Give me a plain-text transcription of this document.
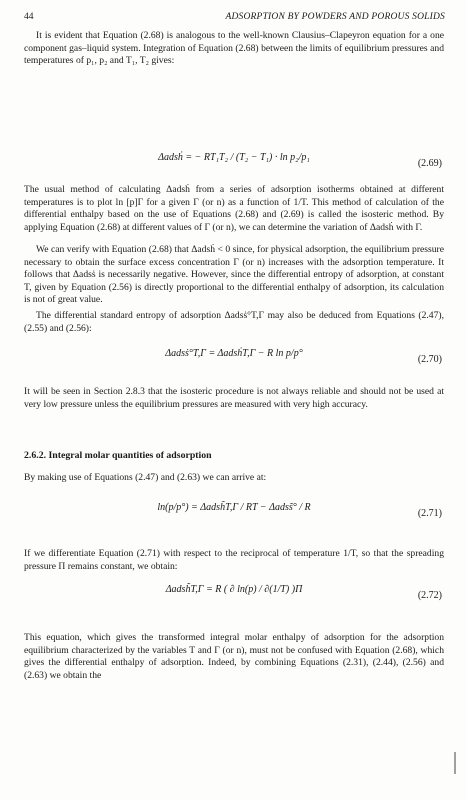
44	ADSORPTION BY POWDERS AND POROUS SOLIDS

It is evident that Equation (2.68) is analogous to the well-known Clausius–Clapeyron equation for a one component gas–liquid system. Integration of Equation (2.68) between the limits of equilibrium pressures and temperatures of p₁, p₂ and T₁, T₂ gives:

Δadsḣ = − RT₁T₂ / (T₂ − T₁) · ln p₂/p₁
(2.69)

The usual method of calculating Δadsḣ from a series of adsorption isotherms obtained at different temperatures is to plot ln [p]Γ for a given Γ (or n) as a function of 1/T. This method of calculation of the differential enthalpy based on the use of Equations (2.68) and (2.69) is called the isosteric method. By applying Equation (2.68) at different values of Γ (or n), we can determine the variation of Δadsḣ with Γ.

We can verify with Equation (2.68) that Δadsḣ < 0 since, for physical adsorption, the equilibrium pressure necessary to obtain the surface excess concentration Γ (or n) increases with the adsorption temperature. It follows that Δadsṡ is necessarily negative. However, since the differential entropy of adsorption, at constant T, given by Equation (2.56) is directly proportional to the differential enthalpy of adsorption, its calculation is not of great value.

The differential standard entropy of adsorption Δadsṡ°T,Γ may also be deduced from Equations (2.47), (2.55) and (2.56):

Δadsṡ°T,Γ = ΔadsḣT,Γ − R ln p/p°
(2.70)

It will be seen in Section 2.8.3 that the isosteric procedure is not always reliable and should not be used at very low pressure unless the equilibrium pressures are measured with very high accuracy.

2.6.2. Integral molar quantities of adsorption

By making use of Equations (2.47) and (2.63) we can arrive at:

ln(p/p°) = Δadsh̃T,Γ / RT − Δadss̃° / R
(2.71)

If we differentiate Equation (2.71) with respect to the reciprocal of temperature 1/T, so that the spreading pressure Π remains constant, we obtain:

Δadsh̃T,Γ = R ( ∂ ln(p) / ∂(1/T) )Π
(2.72)

This equation, which gives the transformed integral molar enthalpy of adsorption for the adsorption equilibrium characterized by the variables T and Γ (or n), must not be confused with Equation (2.68), which gives the differential enthalpy of adsorption. Indeed, by combining Equations (2.31), (2.44), (2.56) and (2.63) we obtain the
